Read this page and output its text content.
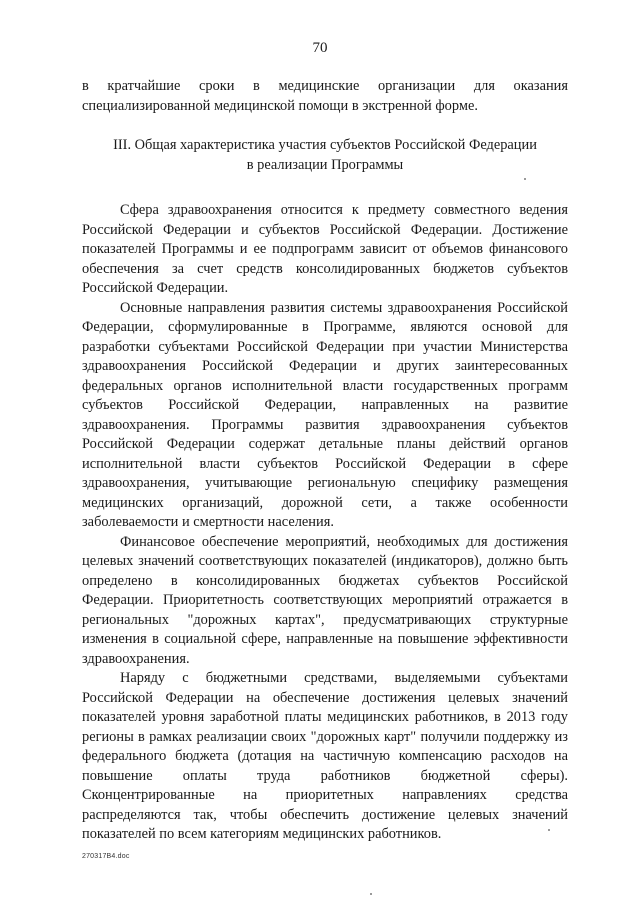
70

в кратчайшие сроки в медицинские организации для оказания специализированной медицинской помощи в экстренной форме.

III. Общая характеристика участия субъектов Российской Федерации
в реализации Программы

Сфера здравоохранения относится к предмету совместного ведения Российской Федерации и субъектов Российской Федерации. Достижение показателей Программы и ее подпрограмм зависит от объемов финансового обеспечения за счет средств консолидированных бюджетов субъектов Российской Федерации.

Основные направления развития системы здравоохранения Российской Федерации, сформулированные в Программе, являются основой для разработки субъектами Российской Федерации при участии Министерства здравоохранения Российской Федерации и других заинтересованных федеральных органов исполнительной власти государственных программ субъектов Российской Федерации, направленных на развитие здравоохранения. Программы развития здравоохранения субъектов Российской Федерации содержат детальные планы действий органов исполнительной власти субъектов Российской Федерации в сфере здравоохранения, учитывающие региональную специфику размещения медицинских организаций, дорожной сети, а также особенности заболеваемости и смертности населения.

Финансовое обеспечение мероприятий, необходимых для достижения целевых значений соответствующих показателей (индикаторов), должно быть определено в консолидированных бюджетах субъектов Российской Федерации. Приоритетность соответствующих мероприятий отражается в региональных "дорожных картах", предусматривающих структурные изменения в социальной сфере, направленные на повышение эффективности здравоохранения.

Наряду с бюджетными средствами, выделяемыми субъектами Российской Федерации на обеспечение достижения целевых значений показателей уровня заработной платы медицинских работников, в 2013 году регионы в рамках реализации своих "дорожных карт" получили поддержку из федерального бюджета (дотация на частичную компенсацию расходов на повышение оплаты труда работников бюджетной сферы). Сконцентрированные на приоритетных направлениях средства распределяются так, чтобы обеспечить достижение целевых значений показателей по всем категориям медицинских работников.

270317В4.doc
